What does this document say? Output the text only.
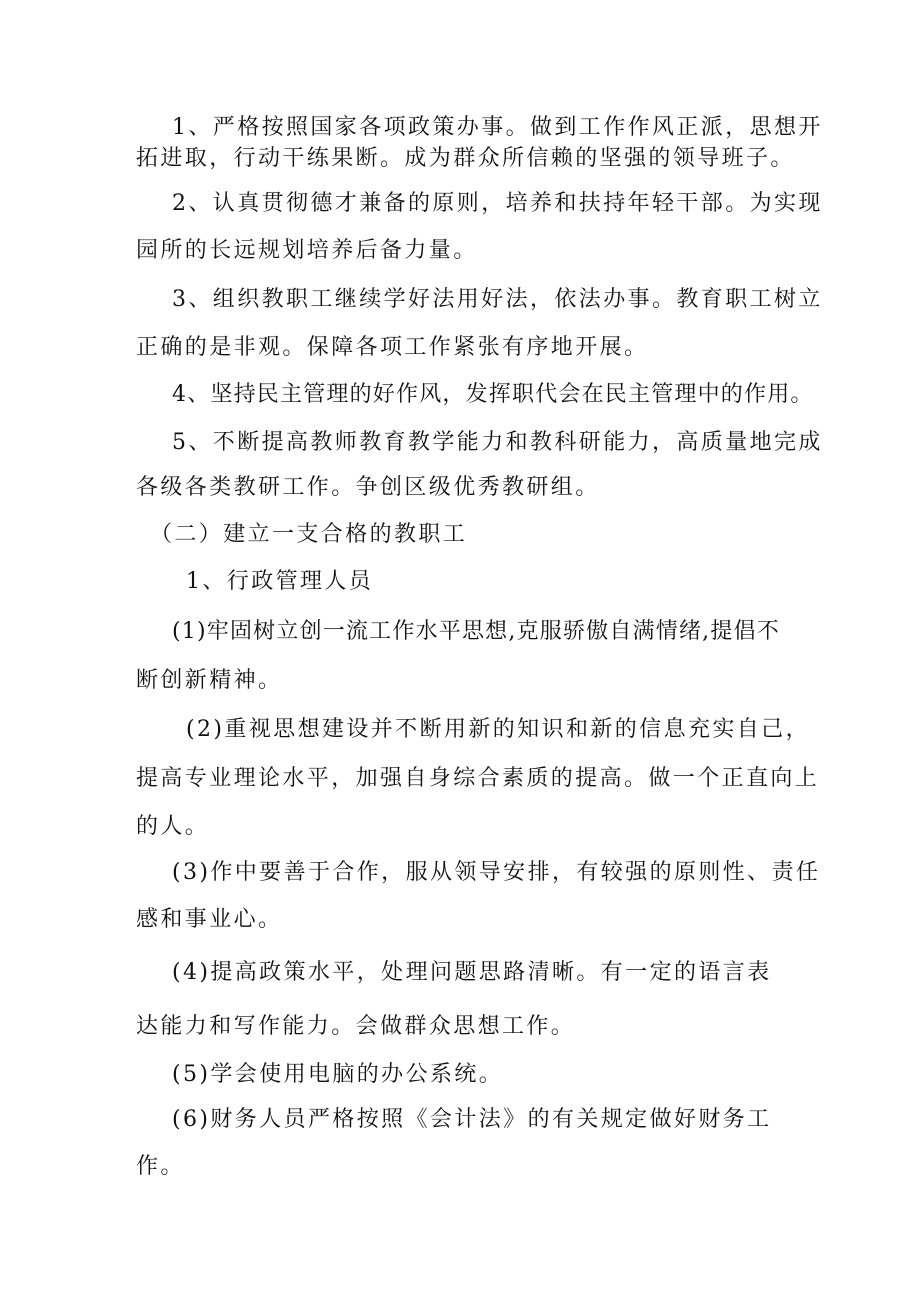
1、严格按照国家各项政策办事。做到工作作风正派，思想开
拓进取，行动干练果断。成为群众所信赖的坚强的领导班子。
2、认真贯彻德才兼备的原则，培养和扶持年轻干部。为实现
园所的长远规划培养后备力量。
3、组织教职工继续学好法用好法，依法办事。教育职工树立
正确的是非观。保障各项工作紧张有序地开展。
4、坚持民主管理的好作风，发挥职代会在民主管理中的作用。
5、不断提高教师教育教学能力和教科研能力，高质量地完成
各级各类教研工作。争创区级优秀教研组。
（二）建立一支合格的教职工
1、行政管理人员
(1)牢固树立创一流工作水平思想,克服骄傲自满情绪,提倡不
断创新精神。
(2)重视思想建设并不断用新的知识和新的信息充实自己，
提高专业理论水平，加强自身综合素质的提高。做一个正直向上
的人。
(3)作中要善于合作，服从领导安排，有较强的原则性、责任
感和事业心。
(4)提高政策水平，处理问题思路清晰。有一定的语言表
达能力和写作能力。会做群众思想工作。
(5)学会使用电脑的办公系统。
(6)财务人员严格按照《会计法》的有关规定做好财务工
作。
